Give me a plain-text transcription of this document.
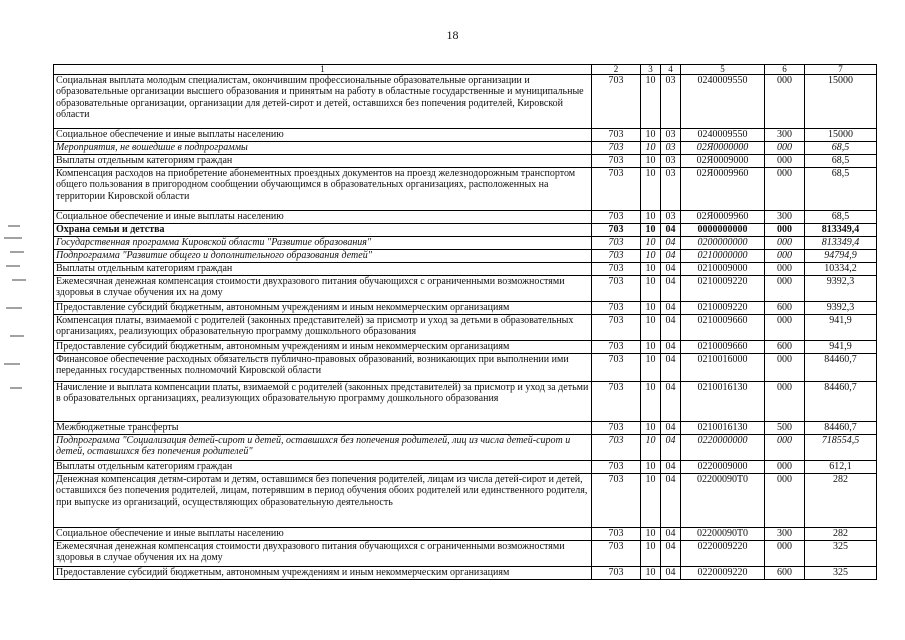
18
1	2	3	4	5	6	7
Социальная выплата молодым специалистам, окончившим профессиональные образовательные организации и образовательные организации высшего образования и принятым на работу в областные государственные и муниципальные образовательные организации, организации для детей-сирот и детей, оставшихся без попечения родителей, Кировской области	703	10	03	0240009550	000	15000
Социальное обеспечение и иные выплаты населению	703	10	03	0240009550	300	15000
Мероприятия, не вошедшие в подпрограммы	703	10	03	02Я0000000	000	68,5
Выплаты отдельным категориям граждан	703	10	03	02Я0009000	000	68,5
Компенсация расходов на приобретение абонементных проездных документов на проезд железнодорожным транспортом общего пользования в пригородном сообщении обучающимся в образовательных организациях, расположенных на территории Кировской области	703	10	03	02Я0009960	000	68,5
Социальное обеспечение и иные выплаты населению	703	10	03	02Я0009960	300	68,5
Охрана семьи и детства	703	10	04	0000000000	000	813349,4
Государственная программа Кировской области "Развитие образования"	703	10	04	0200000000	000	813349,4
Подпрограмма "Развитие общего и дополнительного образования детей"	703	10	04	0210000000	000	94794,9
Выплаты отдельным категориям граждан	703	10	04	0210009000	000	10334,2
Ежемесячная денежная компенсация стоимости двухразового питания обучающихся с ограниченными возможностями здоровья в случае обучения их на дому	703	10	04	0210009220	000	9392,3
Предоставление субсидий бюджетным, автономным учреждениям и иным некоммерческим организациям	703	10	04	0210009220	600	9392,3
Компенсация платы, взимаемой с родителей (законных представителей) за присмотр и уход за детьми в образовательных организациях, реализующих образовательную программу дошкольного образования	703	10	04	0210009660	000	941,9
Предоставление субсидий бюджетным, автономным учреждениям и иным некоммерческим организациям	703	10	04	0210009660	600	941,9
Финансовое обеспечение расходных обязательств публично-правовых образований, возникающих при выполнении ими переданных государственных полномочий Кировской области	703	10	04	0210016000	000	84460,7
Начисление и выплата компенсации платы, взимаемой с родителей (законных представителей) за присмотр и уход за детьми в образовательных организациях, реализующих образовательную программу дошкольного образования	703	10	04	0210016130	000	84460,7
Межбюджетные трансферты	703	10	04	0210016130	500	84460,7
Подпрограмма "Социализация детей-сирот и детей, оставшихся без попечения родителей, лиц из числа детей-сирот и детей, оставшихся без попечения родителей"	703	10	04	0220000000	000	718554,5
Выплаты отдельным категориям граждан	703	10	04	0220009000	000	612,1
Денежная компенсация детям-сиротам и детям, оставшимся без попечения родителей, лицам из числа детей-сирот и детей, оставшихся без попечения родителей, лицам, потерявшим в период обучения обоих родителей или единственного родителя, при выпуске из организаций, осуществляющих образовательную деятельность	703	10	04	02200090Т0	000	282
Социальное обеспечение и иные выплаты населению	703	10	04	02200090Т0	300	282
Ежемесячная денежная компенсация стоимости двухразового питания обучающихся с ограниченными возможностями здоровья в случае обучения их на дому	703	10	04	0220009220	000	325
Предоставление субсидий бюджетным, автономным учреждениям и иным некоммерческим организациям	703	10	04	0220009220	600	325
